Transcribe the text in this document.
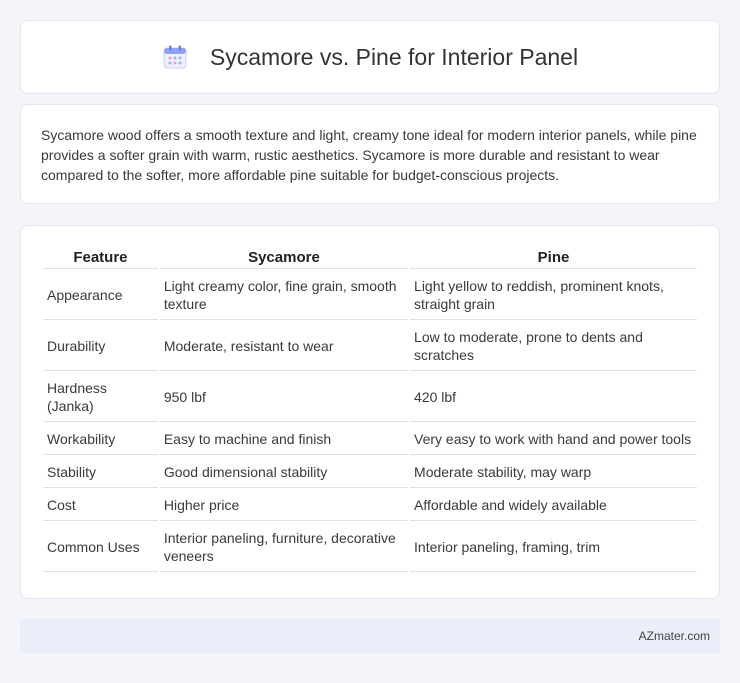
Sycamore vs. Pine for Interior Panel

Sycamore wood offers a smooth texture and light, creamy tone ideal for modern interior panels, while pine provides a softer grain with warm, rustic aesthetics. Sycamore is more durable and resistant to wear compared to the softer, more affordable pine suitable for budget-conscious projects.

Feature	Sycamore	Pine
Appearance	Light creamy color, fine grain, smooth texture	Light yellow to reddish, prominent knots, straight grain
Durability	Moderate, resistant to wear	Low to moderate, prone to dents and scratches
Hardness (Janka)	950 lbf	420 lbf
Workability	Easy to machine and finish	Very easy to work with hand and power tools
Stability	Good dimensional stability	Moderate stability, may warp
Cost	Higher price	Affordable and widely available
Common Uses	Interior paneling, furniture, decorative veneers	Interior paneling, framing, trim
AZmater.com
